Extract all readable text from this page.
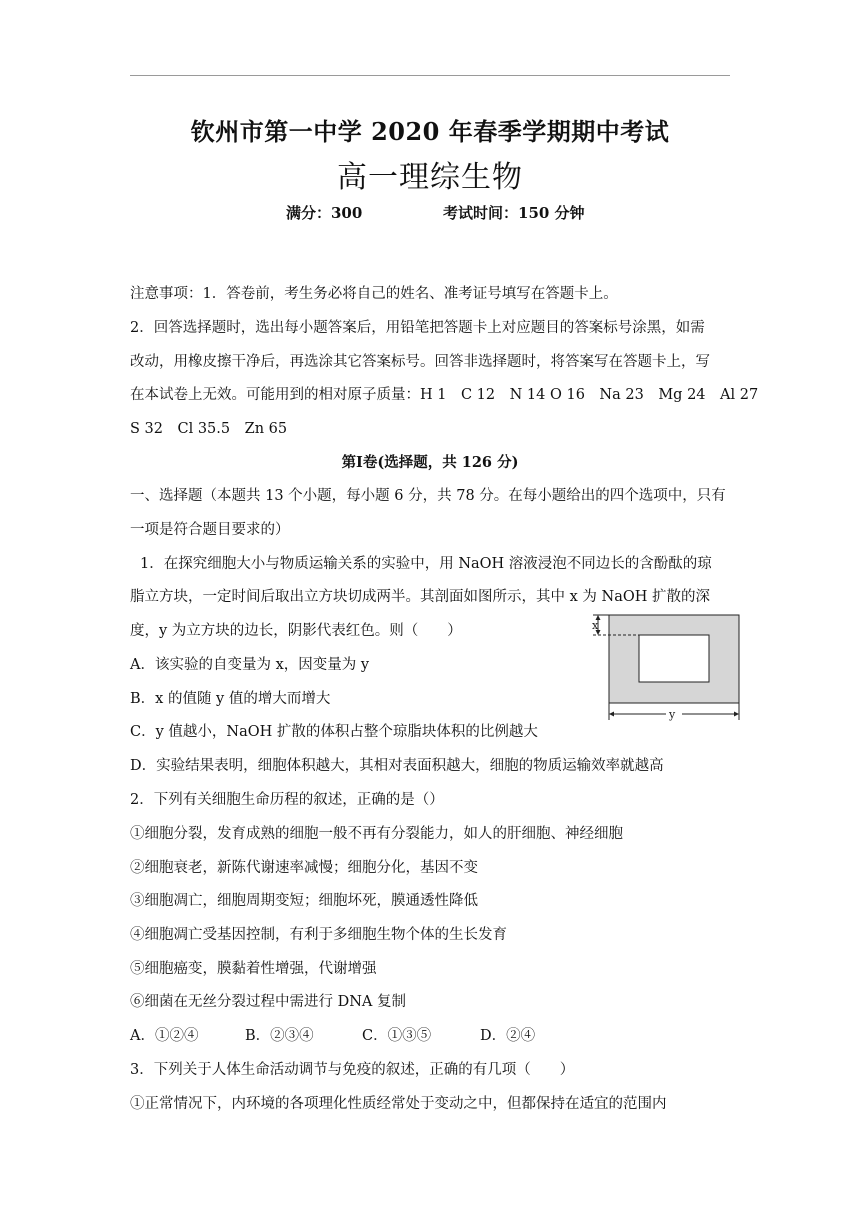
钦州市第一中学 2020 年春季学期期中考试
高一理综生物
满分：300	考试时间：150 分钟
注意事项：1．答卷前，考生务必将自己的姓名、准考证号填写在答题卡上。
2．回答选择题时，选出每小题答案后，用铅笔把答题卡上对应题目的答案标号涂黑，如需
改动，用橡皮擦干净后，再选涂其它答案标号。回答非选择题时，将答案写在答题卡上，写
在本试卷上无效。可能用到的相对原子质量：H 1　C 12　N 14 O 16　Na 23　Mg 24　Al 27
S 32　Cl 35.5　Zn 65
第Ⅰ卷(选择题，共 126 分)
一、选择题（本题共 13 个小题，每小题 6 分，共 78 分。在每小题给出的四个选项中，只有
一项是符合题目要求的）
1．在探究细胞大小与物质运输关系的实验中，用 NaOH 溶液浸泡不同边长的含酚酞的琼
脂立方块，一定时间后取出立方块切成两半。其剖面如图所示，其中 x 为 NaOH 扩散的深
度，y 为立方块的边长，阴影代表红色。则（　　）
A．该实验的自变量为 x，因变量为 y
B．x 的值随 y 值的增大而增大
C．y 值越小，NaOH 扩散的体积占整个琼脂块体积的比例越大
D．实验结果表明，细胞体积越大，其相对表面积越大，细胞的物质运输效率就越高
x
y
2．下列有关细胞生命历程的叙述，正确的是（）
①细胞分裂，发育成熟的细胞一般不再有分裂能力，如人的肝细胞、神经细胞
②细胞衰老，新陈代谢速率减慢；细胞分化，基因不变
③细胞凋亡，细胞周期变短；细胞坏死，膜通透性降低
④细胞凋亡受基因控制，有利于多细胞生物个体的生长发育
⑤细胞癌变，膜黏着性增强，代谢增强
⑥细菌在无丝分裂过程中需进行 DNA 复制
A．①②④	B．②③④	C．①③⑤	D．②④
3．下列关于人体生命活动调节与免疫的叙述，正确的有几项（　　）
①正常情况下，内环境的各项理化性质经常处于变动之中，但都保持在适宜的范围内
